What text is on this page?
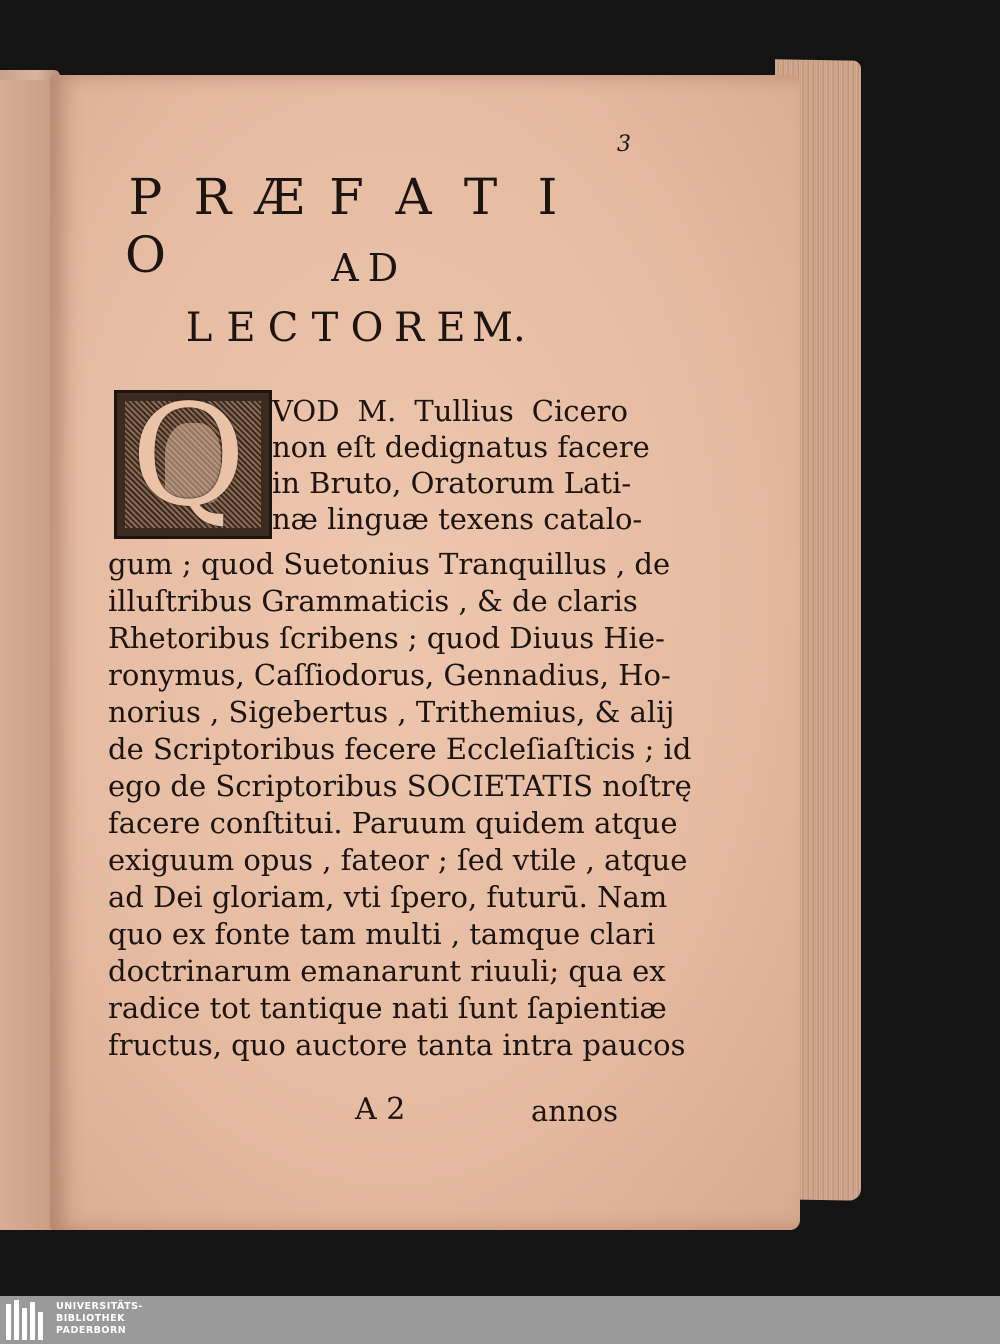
3
P R Æ F A T IO	A D
L E C T O R E M.
Q VOD M. Tullius Cicero
non eſt dedignatus facere
in Bruto, Oratorum Lati-
næ linguæ texens catalo-
gum ; quod Suetonius Tranquillus , de
illuſtribus Grammaticis , & de claris
Rhetoribus ſcribens ; quod Diuus Hie-
ronymus, Caſſiodorus, Gennadius, Ho-
norius , Sigebertus , Trithemius, & alij
de Scriptoribus fecere Eccleſiaſticis ; id
ego de Scriptoribus SOCIETATIS noſtrę
facere conſtitui. Paruum quidem atque
exiguum opus , fateor ; ſed vtile , atque
ad Dei gloriam, vti ſpero, futurū. Nam
quo ex fonte tam multi , tamque clari
doctrinarum emanarunt riuuli; qua ex
radice tot tantique nati ſunt ſapientiæ
fructus, quo auctore tanta intra paucos
A 2	annos
UNIVERSITÄTS-
BIBLIOTHEK
PADERBORN
